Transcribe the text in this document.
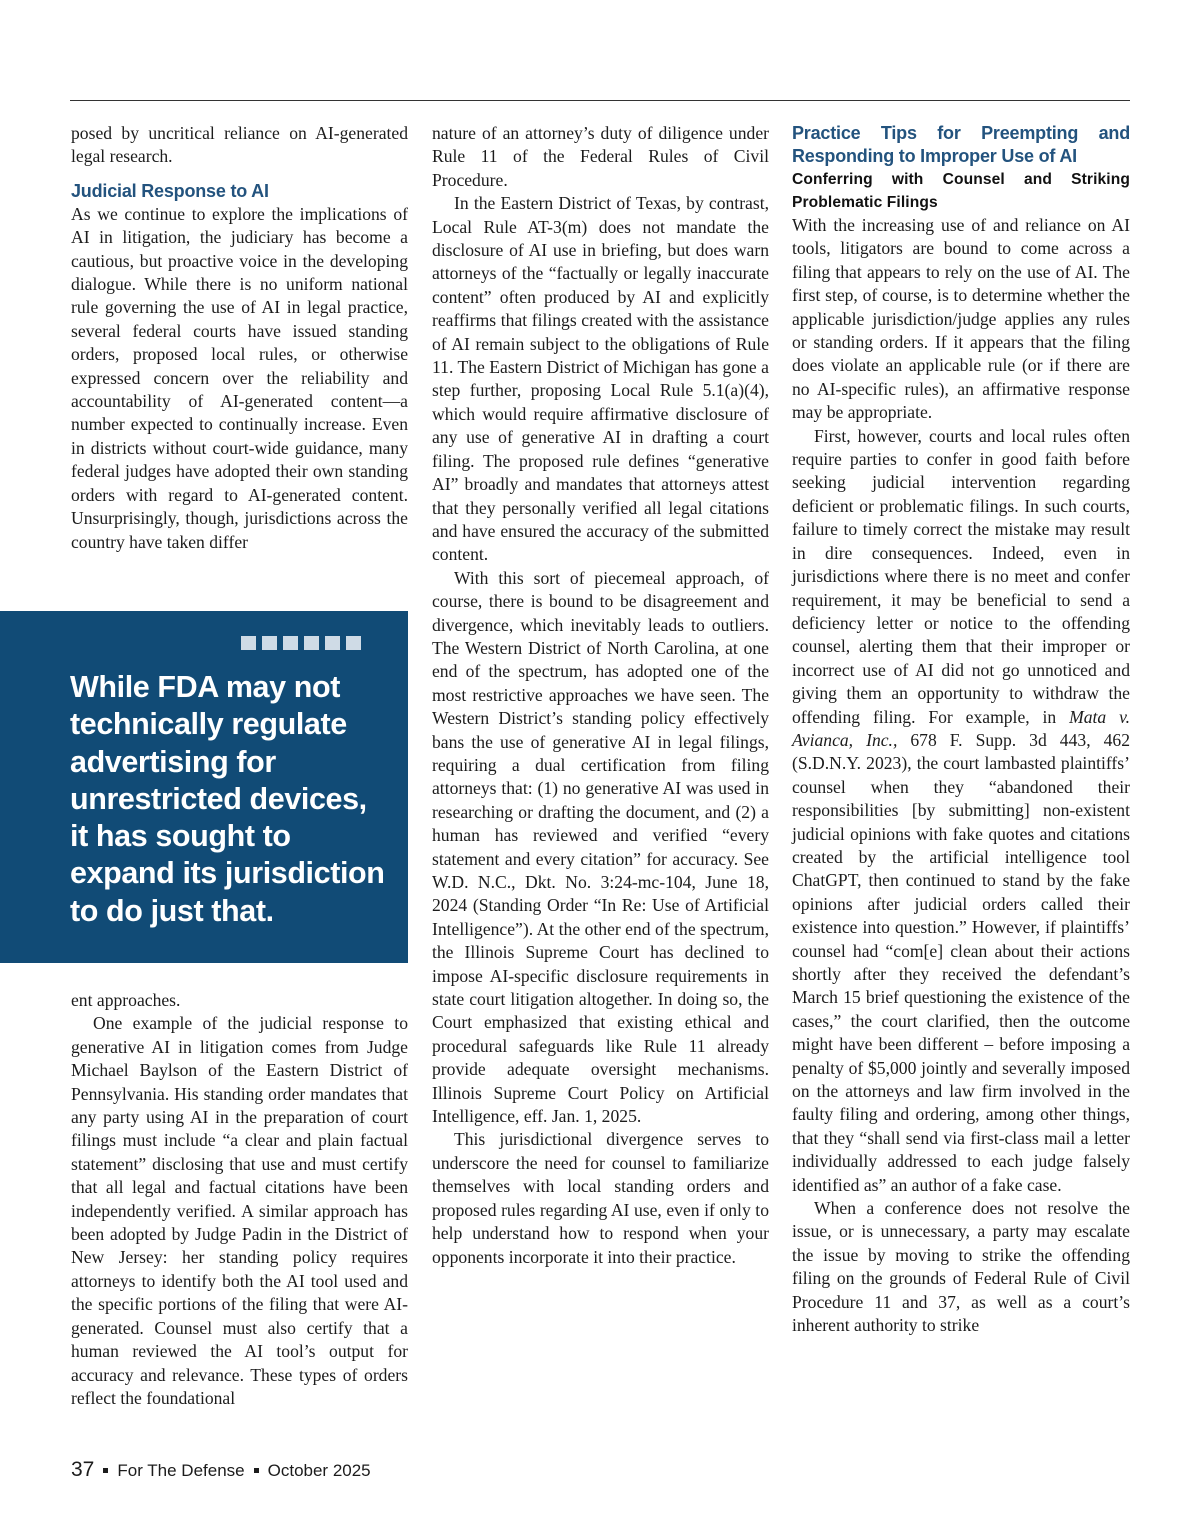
posed by uncritical reliance on AI-generated legal research.

Judicial Response to AI

As we continue to explore the implications of AI in litigation, the judiciary has become a cautious, but proactive voice in the developing dialogue. While there is no uniform national rule governing the use of AI in legal practice, several federal courts have issued standing orders, proposed local rules, or otherwise expressed concern over the reliability and accountability of AI-generated content—a number expected to continually increase. Even in districts without court-wide guidance, many federal judges have adopted their own standing orders with regard to AI-generated content. Unsurprisingly, though, jurisdictions across the country have taken differ

While FDA may not technically regulate advertising for unrestricted devices, it has sought to expand its jurisdiction to do just that.

ent approaches.

One example of the judicial response to generative AI in litigation comes from Judge Michael Baylson of the Eastern District of Pennsylvania. His standing order mandates that any party using AI in the preparation of court filings must include “a clear and plain factual statement” disclosing that use and must certify that all legal and factual citations have been independently verified. A similar approach has been adopted by Judge Padin in the District of New Jersey: her standing policy requires attorneys to identify both the AI tool used and the specific portions of the filing that were AI-generated. Counsel must also certify that a human reviewed the AI tool’s output for accuracy and relevance. These types of orders reflect the foundational

nature of an attorney’s duty of diligence under Rule 11 of the Federal Rules of Civil Procedure.

In the Eastern District of Texas, by contrast, Local Rule AT-3(m) does not mandate the disclosure of AI use in briefing, but does warn attorneys of the “factually or legally inaccurate content” often produced by AI and explicitly reaffirms that filings created with the assistance of AI remain subject to the obligations of Rule 11. The Eastern District of Michigan has gone a step further, proposing Local Rule 5.1(a)(4), which would require affirmative disclosure of any use of generative AI in drafting a court filing. The proposed rule defines “generative AI” broadly and mandates that attorneys attest that they personally verified all legal citations and have ensured the accuracy of the submitted content.

With this sort of piecemeal approach, of course, there is bound to be disagreement and divergence, which inevitably leads to outliers. The Western District of North Carolina, at one end of the spectrum, has adopted one of the most restrictive approaches we have seen. The Western District’s standing policy effectively bans the use of generative AI in legal filings, requiring a dual certification from filing attorneys that: (1) no generative AI was used in researching or drafting the document, and (2) a human has reviewed and verified “every statement and every citation” for accuracy. See W.D. N.C., Dkt. No. 3:24-mc-104, June 18, 2024 (Standing Order “In Re: Use of Artificial Intelligence”). At the other end of the spectrum, the Illinois Supreme Court has declined to impose AI-specific disclosure requirements in state court litigation altogether. In doing so, the Court emphasized that existing ethical and procedural safeguards like Rule 11 already provide adequate oversight mechanisms. Illinois Supreme Court Policy on Artificial Intelligence, eff. Jan. 1, 2025.

This jurisdictional divergence serves to underscore the need for counsel to familiarize themselves with local standing orders and proposed rules regarding AI use, even if only to help understand how to respond when your opponents incorporate it into their practice.

Practice Tips for Preempting and Responding to Improper Use of AI
Conferring with Counsel and Striking Problematic Filings

With the increasing use of and reliance on AI tools, litigators are bound to come across a filing that appears to rely on the use of AI. The first step, of course, is to determine whether the applicable jurisdiction/judge applies any rules or standing orders. If it appears that the filing does violate an applicable rule (or if there are no AI-specific rules), an affirmative response may be appropriate.

First, however, courts and local rules often require parties to confer in good faith before seeking judicial intervention regarding deficient or problematic filings. In such courts, failure to timely correct the mistake may result in dire consequences. Indeed, even in jurisdictions where there is no meet and confer requirement, it may be beneficial to send a deficiency letter or notice to the offending counsel, alerting them that their improper or incorrect use of AI did not go unnoticed and giving them an opportunity to withdraw the offending filing. For example, in Mata v. Avianca, Inc., 678 F. Supp. 3d 443, 462 (S.D.N.Y. 2023), the court lambasted plaintiffs’ counsel when they “abandoned their responsibilities [by submitting] non-existent judicial opinions with fake quotes and citations created by the artificial intelligence tool ChatGPT, then continued to stand by the fake opinions after judicial orders called their existence into question.” However, if plaintiffs’ counsel had “com[e] clean about their actions shortly after they received the defendant’s March 15 brief questioning the existence of the cases,” the court clarified, then the outcome might have been different – before imposing a penalty of $5,000 jointly and severally imposed on the attorneys and law firm involved in the faulty filing and ordering, among other things, that they “shall send via first-class mail a letter individually addressed to each judge falsely identified as” an author of a fake case.

When a conference does not resolve the issue, or is unnecessary, a party may escalate the issue by moving to strike the offending filing on the grounds of Federal Rule of Civil Procedure 11 and 37, as well as a court’s inherent authority to strike

37 For The Defense October 2025
